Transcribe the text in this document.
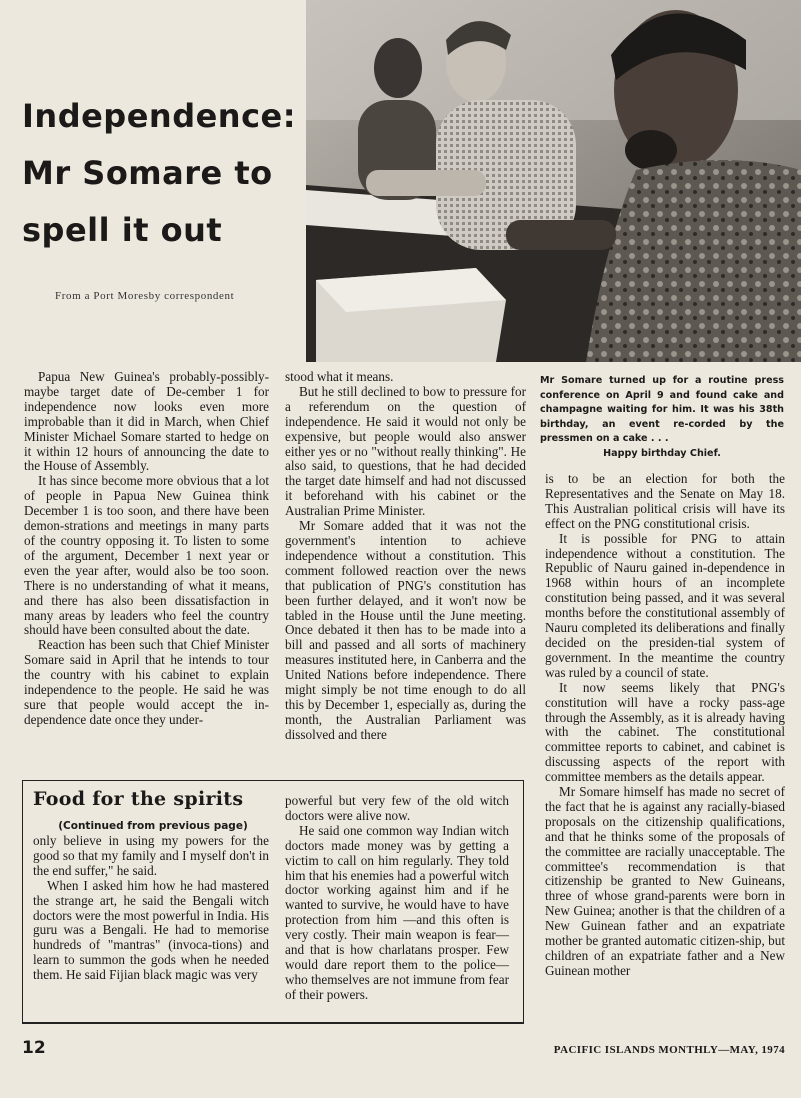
Independence:
Mr Somare to
spell it out
From a Port Moresby correspondent
Mr Somare turned up for a routine press conference on April 9 and found cake and champagne waiting for him. It was his 38th birthday, an event re-corded by the pressmen on a cake . . .
Happy birthday Chief.

Papua New Guinea's probably-possibly-maybe target date of De-cember 1 for independence now looks even more improbable than it did in March, when Chief Minister Michael Somare started to hedge on it within 12 hours of announcing the date to the House of Assembly.

It has since become more obvious that a lot of people in Papua New Guinea think December 1 is too soon, and there have been demon-strations and meetings in many parts of the country opposing it. To listen to some of the argument, December 1 next year or even the year after, would also be too soon. There is no understanding of what it means, and there has also been dissatisfaction in many areas by leaders who feel the country should have been consulted about the date.

Reaction has been such that Chief Minister Somare said in April that he intends to tour the country with his cabinet to explain independence to the people. He said he was sure that people would accept the in-dependence date once they under-

stood what it means.

But he still declined to bow to pressure for a referendum on the question of independence. He said it would not only be expensive, but people would also answer either yes or no "without really thinking". He also said, to questions, that he had decided the target date himself and had not discussed it beforehand with his cabinet or the Australian Prime Minister.

Mr Somare added that it was not the government's intention to achieve independence without a constitution. This comment followed reaction over the news that publication of PNG's constitution has been further delayed, and it won't now be tabled in the House until the June meeting. Once debated it then has to be made into a bill and passed and all sorts of machinery measures instituted here, in Canberra and the United Nations before independence. There might simply be not time enough to do all this by December 1, especially as, during the month, the Australian Parliament was dissolved and there

is to be an election for both the Representatives and the Senate on May 18. This Australian political crisis will have its effect on the PNG constitutional crisis.

It is possible for PNG to attain independence without a constitution. The Republic of Nauru gained in-dependence in 1968 within hours of an incomplete constitution being passed, and it was several months before the constitutional assembly of Nauru completed its deliberations and finally decided on the presiden-tial system of government. In the meantime the country was ruled by a council of state.

It now seems likely that PNG's constitution will have a rocky pass-age through the Assembly, as it is already having with the cabinet. The constitutional committee reports to cabinet, and cabinet is discussing aspects of the report with committee members as the details appear.

Mr Somare himself has made no secret of the fact that he is against any racially-biased proposals on the citizenship qualifications, and that he thinks some of the proposals of the committee are racially unacceptable. The committee's recommendation is that citizenship be granted to New Guineans, three of whose grand-parents were born in New Guinea; another is that the children of a New Guinean father and an expatriate mother be granted automatic citizen-ship, but children of an expatriate father and a New Guinean mother

Food for the spirits
(Continued from previous page)

only believe in using my powers for the good so that my family and I myself don't in the end suffer," he said.

When I asked him how he had mastered the strange art, he said the Bengali witch doctors were the most powerful in India. His guru was a Bengali. He had to memorise hundreds of "mantras" (invoca-tions) and learn to summon the gods when he needed them. He said Fijian black magic was very

powerful but very few of the old witch doctors were alive now.

He said one common way Indian witch doctors made money was by getting a victim to call on him regularly. They told him that his enemies had a powerful witch doctor working against him and if he wanted to survive, he would have to have protection from him —and this often is very costly. Their main weapon is fear—and that is how charlatans prosper. Few would dare report them to the police—who themselves are not immune from fear of their powers.

12	PACIFIC ISLANDS MONTHLY—MAY, 1974
